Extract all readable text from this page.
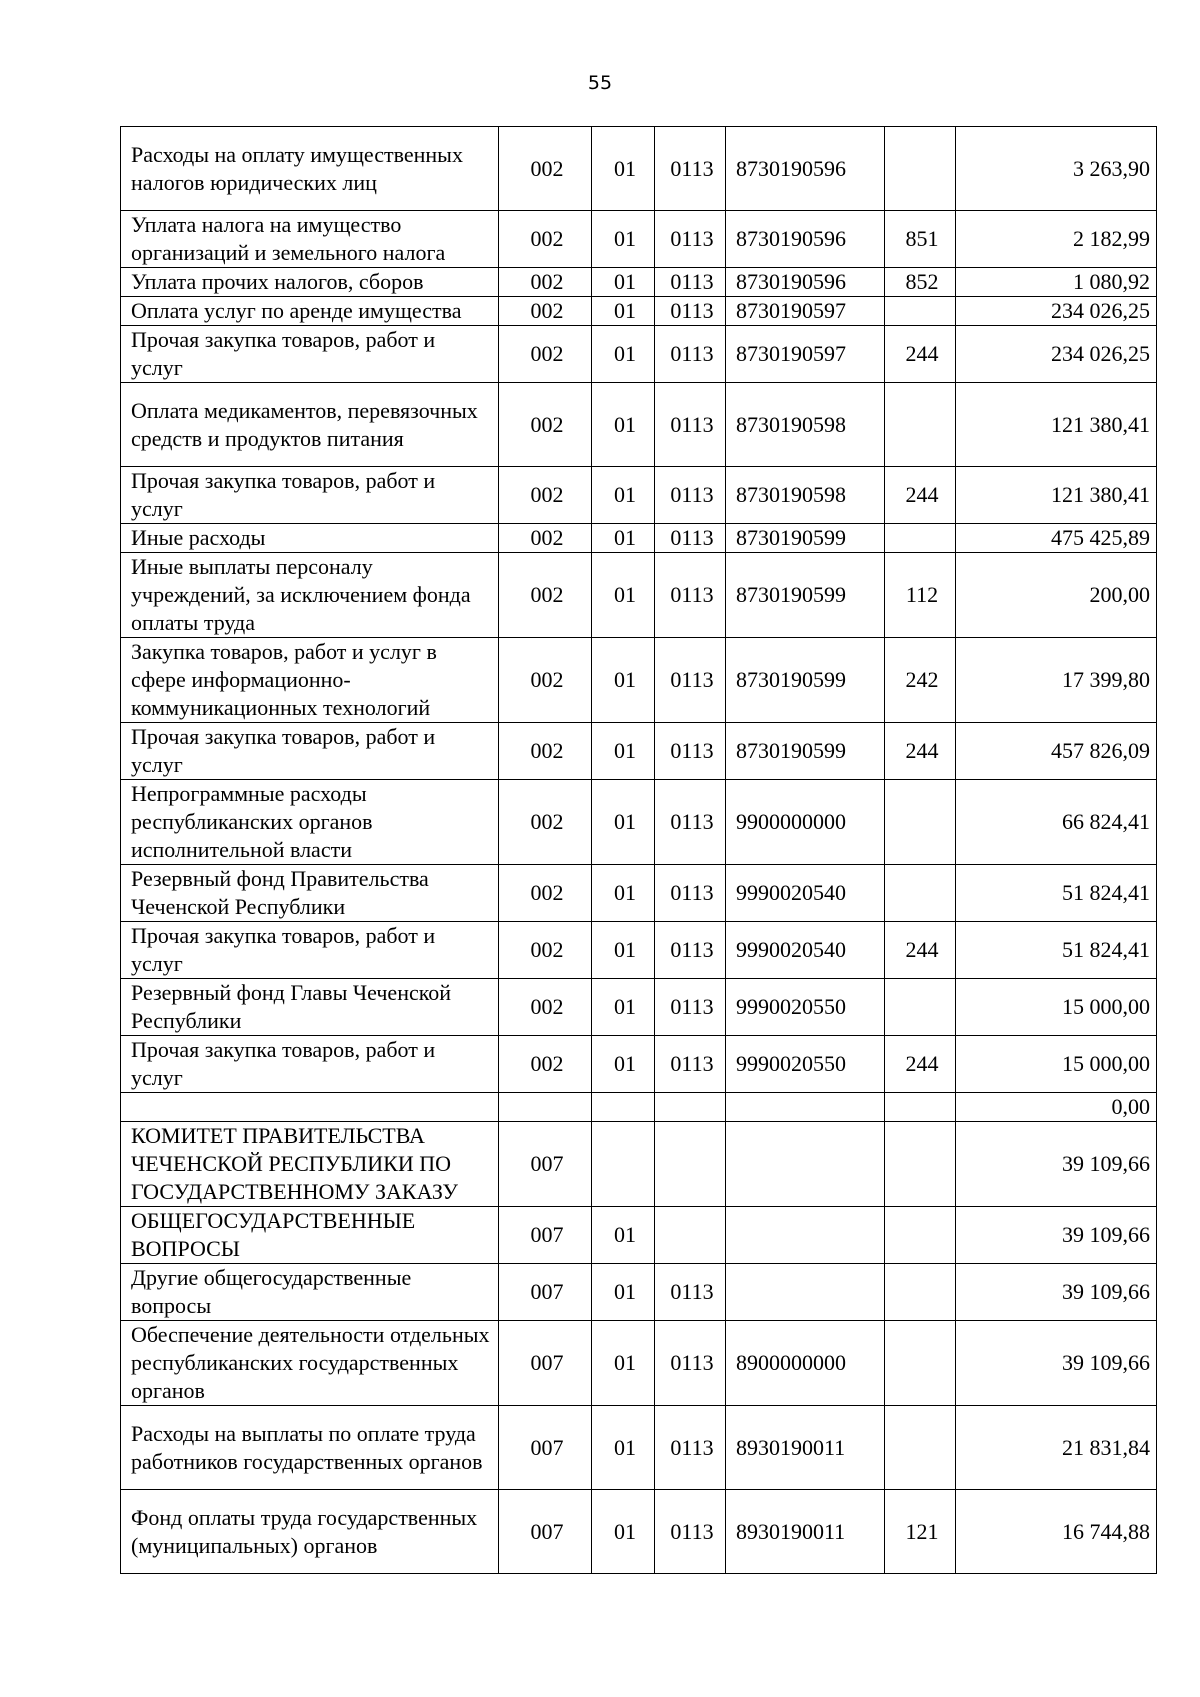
55
Расходы на оплату имущественных налогов юридических лиц	002	01	0113	8730190596		3 263,90
Уплата налога на имущество организаций и земельного налога	002	01	0113	8730190596	851	2 182,99
Уплата прочих налогов, сборов	002	01	0113	8730190596	852	1 080,92
Оплата услуг по аренде имущества	002	01	0113	8730190597		234 026,25
Прочая закупка товаров, работ и услуг	002	01	0113	8730190597	244	234 026,25
Оплата медикаментов, перевязочных средств и продуктов питания	002	01	0113	8730190598		121 380,41
Прочая закупка товаров, работ и услуг	002	01	0113	8730190598	244	121 380,41
Иные расходы	002	01	0113	8730190599		475 425,89
Иные выплаты персоналу учреждений, за исключением фонда оплаты труда	002	01	0113	8730190599	112	200,00
Закупка товаров, работ и услуг в сфере информационно-коммуникационных технологий	002	01	0113	8730190599	242	17 399,80
Прочая закупка товаров, работ и услуг	002	01	0113	8730190599	244	457 826,09
Непрограммные расходы республиканских органов исполнительной власти	002	01	0113	9900000000		66 824,41
Резервный фонд Правительства Чеченской Республики	002	01	0113	9990020540		51 824,41
Прочая закупка товаров, работ и услуг	002	01	0113	9990020540	244	51 824,41
Резервный фонд Главы Чеченской Республики	002	01	0113	9990020550		15 000,00
Прочая закупка товаров, работ и услуг	002	01	0113	9990020550	244	15 000,00
						0,00
КОМИТЕТ ПРАВИТЕЛЬСТВА ЧЕЧЕНСКОЙ РЕСПУБЛИКИ ПО ГОСУДАРСТВЕННОМУ ЗАКАЗУ	007					39 109,66
ОБЩЕГОСУДАРСТВЕННЫЕ ВОПРОСЫ	007	01				39 109,66
Другие общегосударственные вопросы	007	01	0113			39 109,66
Обеспечение деятельности отдельных республиканских государственных органов	007	01	0113	8900000000		39 109,66
Расходы на выплаты по оплате труда работников государственных органов	007	01	0113	8930190011		21 831,84
Фонд оплаты труда государственных (муниципальных) органов	007	01	0113	8930190011	121	16 744,88
